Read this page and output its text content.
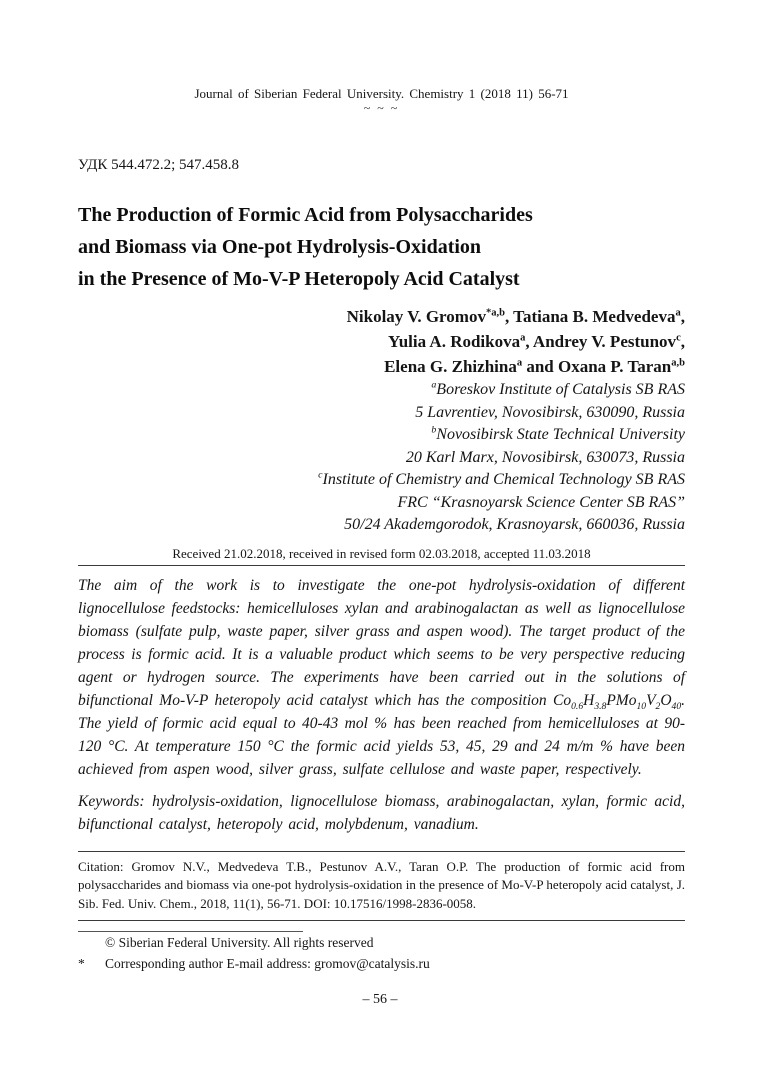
Journal of Siberian Federal University. Chemistry 1 (2018 11) 56-71
~ ~ ~
УДК 544.472.2; 547.458.8
The Production of Formic Acid from Polysaccharides
and Biomass via One-pot Hydrolysis-Oxidation
in the Presence of Mo-V-P Heteropoly Acid Catalyst
Nikolay V. Gromov$^{*a,b}$, Tatiana B. Medvedeva$^a$,
Yulia A. Rodikova$^a$, Andrey V. Pestunov$^c$,
Elena G. Zhizhina$^a$ and Oxana P. Taran$^{a,b}$
$^a$Boreskov Institute of Catalysis SB RAS
5 Lavrentiev, Novosibirsk, 630090, Russia
$^b$Novosibirsk State Technical University
20 Karl Marx, Novosibirsk, 630073, Russia
$^c$Institute of Chemistry and Chemical Technology SB RAS
FRC “Krasnoyarsk Science Center SB RAS”
50/24 Akademgorodok, Krasnoyarsk, 660036, Russia
Received 21.02.2018, received in revised form 02.03.2018, accepted 11.03.2018

The aim of the work is to investigate the one-pot hydrolysis-oxidation of different lignocellulose feedstocks: hemicelluloses xylan and arabinogalactan as well as lignocellulose biomass (sulfate pulp, waste paper, silver grass and aspen wood). The target product of the process is formic acid. It is a valuable product which seems to be very perspective reducing agent or hydrogen source. The experiments have been carried out in the solutions of bifunctional Mo-V-P heteropoly acid catalyst which has the composition $Co_{0.6}H_{3.8}PMo_{10}V_2O_{40}$. The yield of formic acid equal to 40-43 mol % has been reached from hemicelluloses at 90-120 °C. At temperature 150 °C the formic acid yields 53, 45, 29 and 24 m/m % have been achieved from aspen wood, silver grass, sulfate cellulose and waste paper, respectively.

Keywords: hydrolysis-oxidation, lignocellulose biomass, arabinogalactan, xylan, formic acid, bifunctional catalyst, heteropoly acid, molybdenum, vanadium.

Citation: Gromov N.V., Medvedeva T.B., Pestunov A.V., Taran O.P. The production of formic acid from polysaccharides and biomass via one-pot hydrolysis-oxidation in the presence of Mo-V-P heteropoly acid catalyst, J. Sib. Fed. Univ. Chem., 2018, 11(1), 56-71. DOI: 10.17516/1998-2836-0058.

© Siberian Federal University. All rights reserved
*	Corresponding author E-mail address: gromov@catalysis.ru
– 56 –
